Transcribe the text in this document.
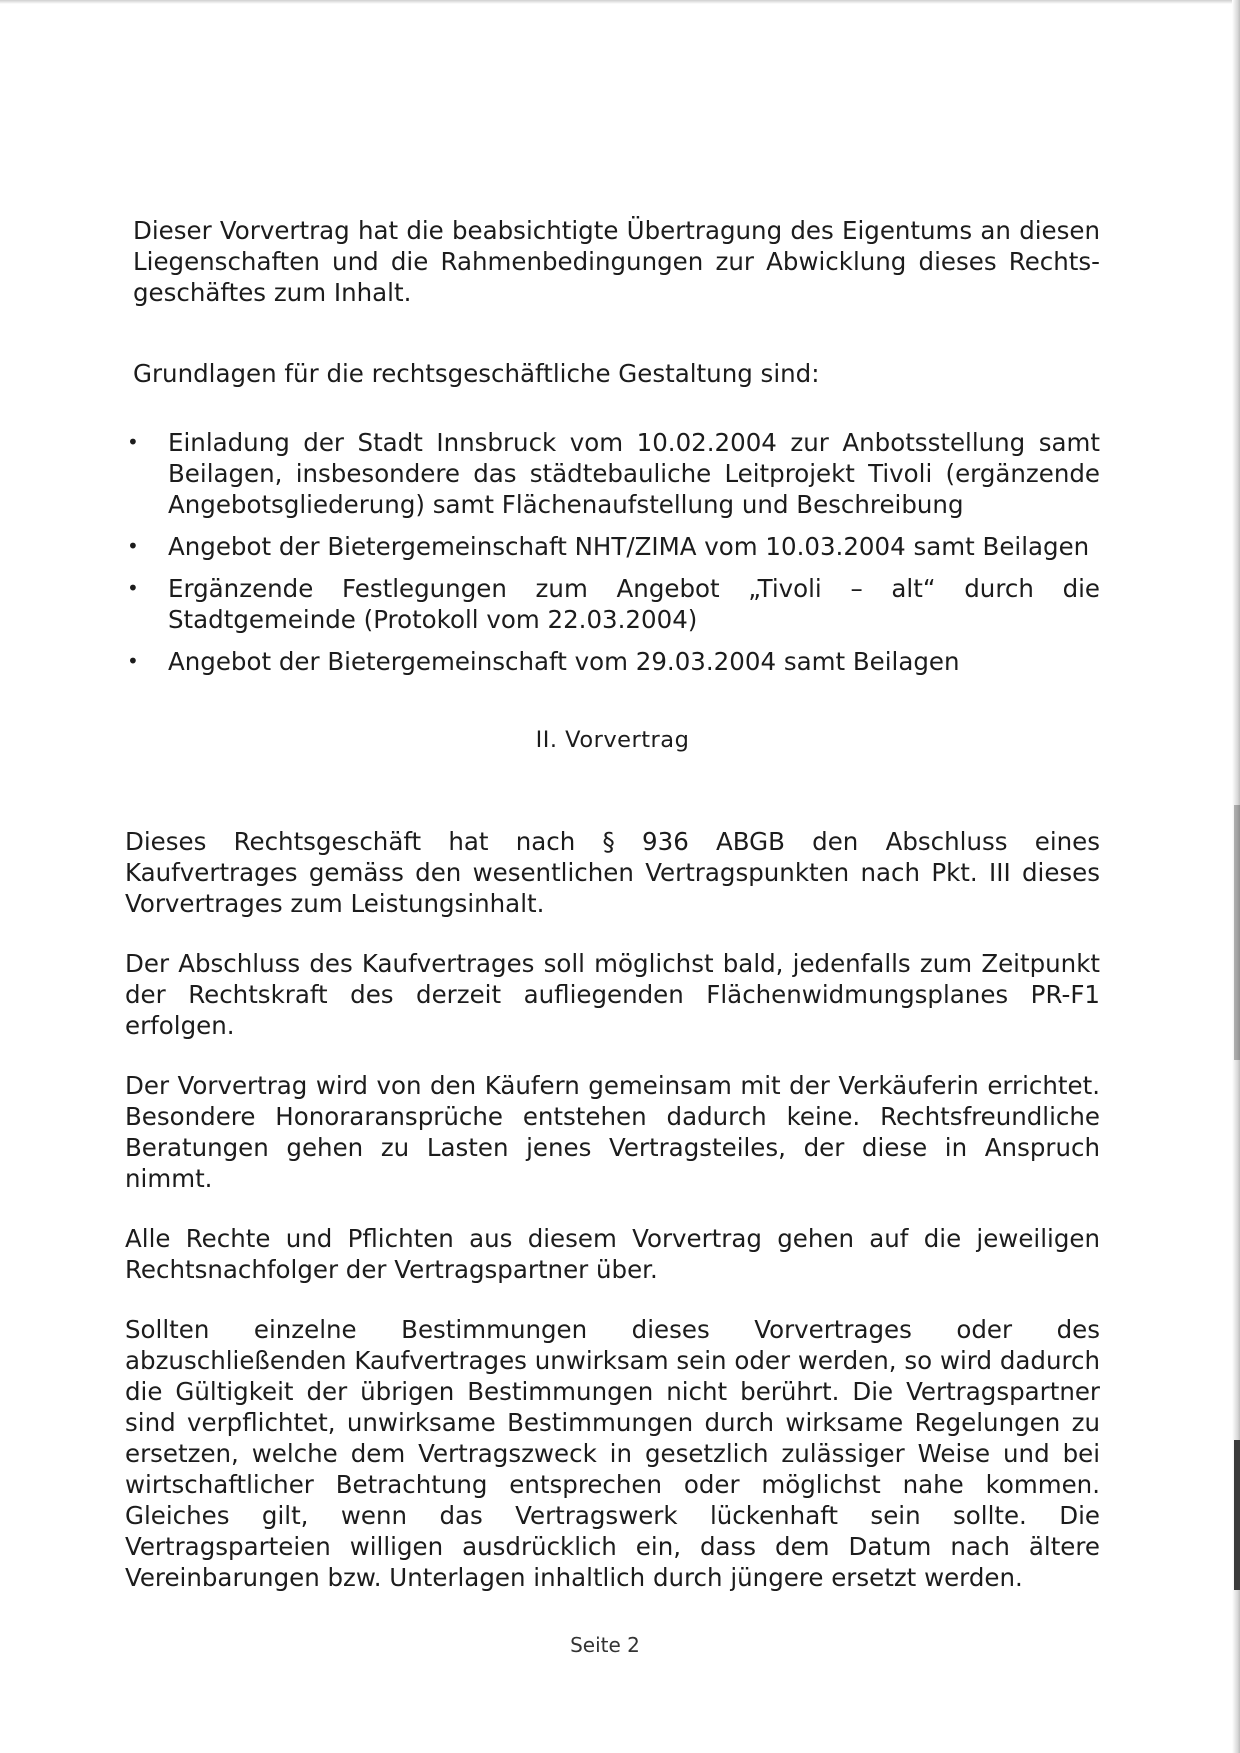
Dieser Vorvertrag hat die beabsichtigte Übertragung des Eigentums an diesen Liegenschaften und die Rahmenbedingungen zur Abwicklung dieses Rechts-geschäftes zum Inhalt.

Grundlagen für die rechtsgeschäftliche Gestaltung sind:

• Einladung der Stadt Innsbruck vom 10.02.2004 zur Anbotsstellung samt Beilagen, insbesondere das städtebauliche Leitprojekt Tivoli (ergänzende Angebotsgliederung) samt Flächenaufstellung und Beschreibung
• Angebot der Bietergemeinschaft NHT/ZIMA vom 10.03.2004 samt Beilagen
• Ergänzende Festlegungen zum Angebot „Tivoli – alt“ durch die Stadtgemeinde (Protokoll vom 22.03.2004)
• Angebot der Bietergemeinschaft vom 29.03.2004 samt Beilagen
II. Vorvertrag

Dieses Rechtsgeschäft hat nach § 936 ABGB den Abschluss eines Kaufvertrages gemäss den wesentlichen Vertragspunkten nach Pkt. III dieses Vorvertrages zum Leistungsinhalt.

Der Abschluss des Kaufvertrages soll möglichst bald, jedenfalls zum Zeitpunkt der Rechtskraft des derzeit aufliegenden Flächenwidmungsplanes PR-F1 erfolgen.

Der Vorvertrag wird von den Käufern gemeinsam mit der Verkäuferin errichtet. Besondere Honoraransprüche entstehen dadurch keine. Rechtsfreundliche Beratungen gehen zu Lasten jenes Vertragsteiles, der diese in Anspruch nimmt.

Alle Rechte und Pflichten aus diesem Vorvertrag gehen auf die jeweiligen Rechtsnachfolger der Vertragspartner über.

Sollten einzelne Bestimmungen dieses Vorvertrages oder des abzuschließenden Kaufvertrages unwirksam sein oder werden, so wird dadurch die Gültigkeit der übrigen Bestimmungen nicht berührt. Die Vertragspartner sind verpflichtet, unwirksame Bestimmungen durch wirksame Regelungen zu ersetzen, welche dem Vertragszweck in gesetzlich zulässiger Weise und bei wirtschaftlicher Betrachtung entsprechen oder möglichst nahe kommen. Gleiches gilt, wenn das Vertragswerk lückenhaft sein sollte. Die Vertragsparteien willigen ausdrücklich ein, dass dem Datum nach ältere Vereinbarungen bzw. Unterlagen inhaltlich durch jüngere ersetzt werden.

Seite 2
